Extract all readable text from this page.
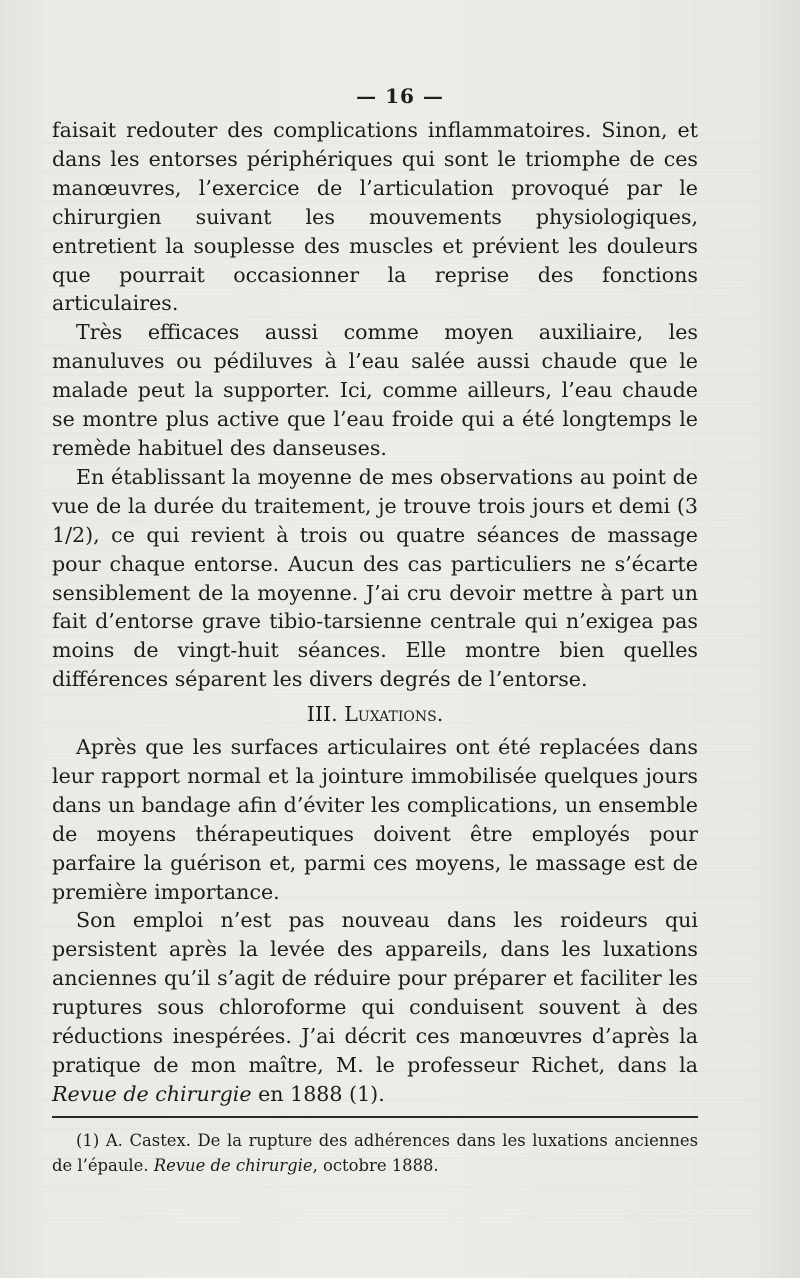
— 16 —

faisait redouter des complications inflammatoires. Sinon, et dans les entorses périphériques qui sont le triomphe de ces manœuvres, l’exercice de l’articulation provoqué par le chirurgien suivant les mouvements physiologiques, entretient la souplesse des muscles et prévient les douleurs que pourrait occasionner la reprise des fonctions articulaires.

Très efficaces aussi comme moyen auxiliaire, les manuluves ou pédiluves à l’eau salée aussi chaude que le malade peut la supporter. Ici, comme ailleurs, l’eau chaude se montre plus active que l’eau froide qui a été longtemps le remède habituel des danseuses.

En établissant la moyenne de mes observations au point de vue de la durée du traitement, je trouve trois jours et demi (3 1/2), ce qui revient à trois ou quatre séances de massage pour chaque entorse. Aucun des cas particuliers ne s’écarte sensiblement de la moyenne. J’ai cru devoir mettre à part un fait d’entorse grave tibio-tarsienne centrale qui n’exigea pas moins de vingt-huit séances. Elle montre bien quelles différences séparent les divers degrés de l’entorse.

III. Luxations.

Après que les surfaces articulaires ont été replacées dans leur rapport normal et la jointure immobilisée quelques jours dans un bandage afin d’éviter les complications, un ensemble de moyens thérapeutiques doivent être employés pour parfaire la guérison et, parmi ces moyens, le massage est de première importance.

Son emploi n’est pas nouveau dans les roideurs qui persistent après la levée des appareils, dans les luxations anciennes qu’il s’agit de réduire pour préparer et faciliter les ruptures sous chloroforme qui conduisent souvent à des réductions inespérées. J’ai décrit ces manœuvres d’après la pratique de mon maître, M. le professeur Richet, dans la Revue de chirurgie en 1888 (1).

(1) A. Castex. De la rupture des adhérences dans les luxations anciennes de l’épaule. Revue de chirurgie, octobre 1888.
